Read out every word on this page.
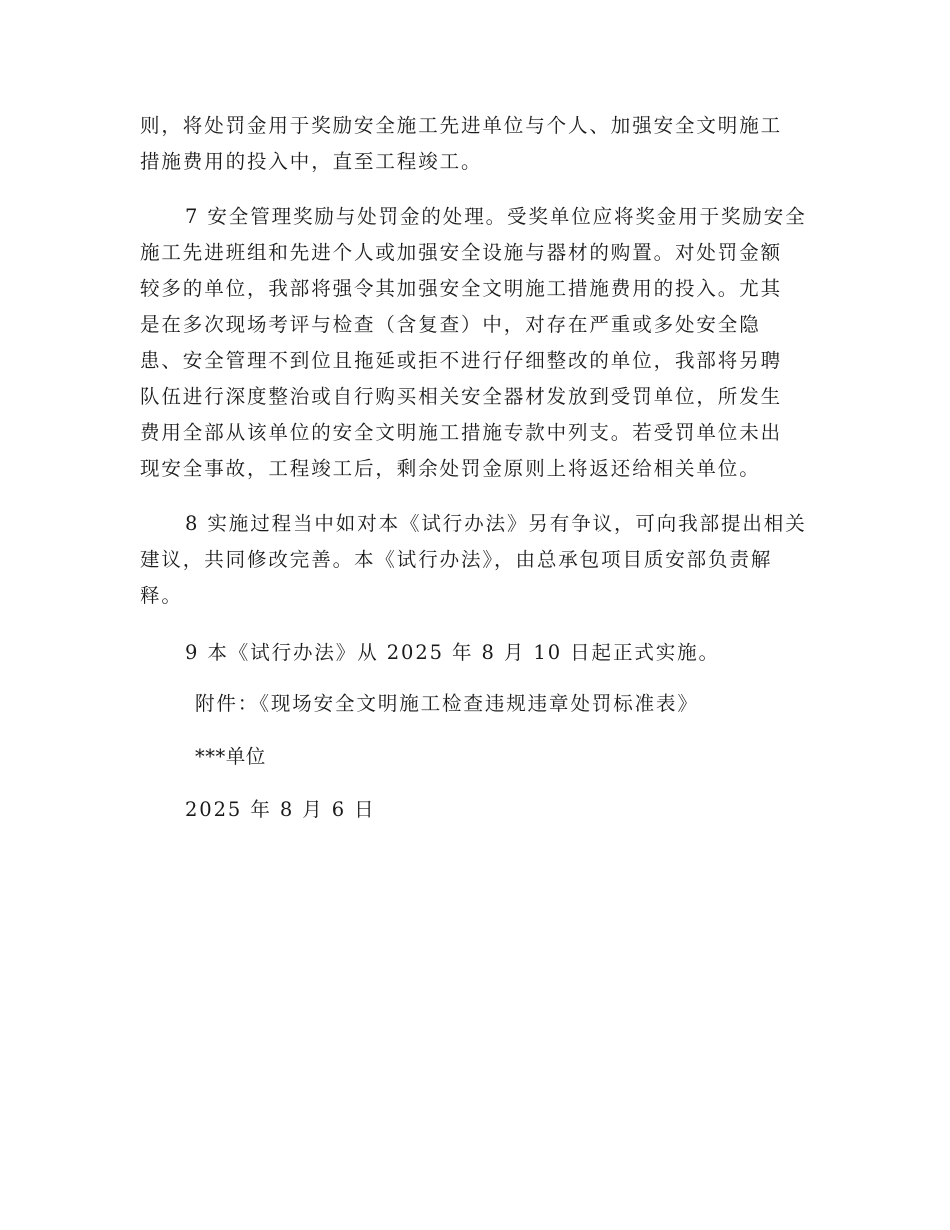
则，将处罚金用于奖励安全施工先进单位与个人、加强安全文明施工
措施费用的投入中，直至工程竣工。
7 安全管理奖励与处罚金的处理。受奖单位应将奖金用于奖励安全
施工先进班组和先进个人或加强安全设施与器材的购置。对处罚金额
较多的单位，我部将强令其加强安全文明施工措施费用的投入。尤其
是在多次现场考评与检查（含复查）中，对存在严重或多处安全隐
患、安全管理不到位且拖延或拒不进行仔细整改的单位，我部将另聘
队伍进行深度整治或自行购买相关安全器材发放到受罚单位，所发生
费用全部从该单位的安全文明施工措施专款中列支。若受罚单位未出
现安全事故，工程竣工后，剩余处罚金原则上将返还给相关单位。
8 实施过程当中如对本《试行办法》另有争议，可向我部提出相关
建议，共同修改完善。本《试行办法》，由总承包项目质安部负责解
释。
9 本《试行办法》从 2025 年 8 月 10 日起正式实施。
附件：《现场安全文明施工检查违规违章处罚标准表》
***单位
2025 年 8 月 6 日
